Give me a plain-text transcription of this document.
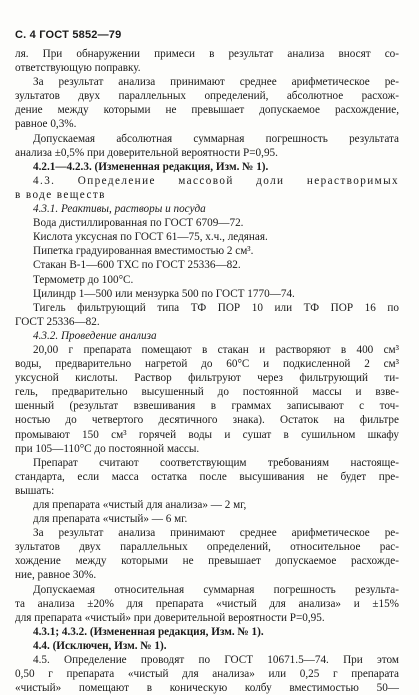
С. 4 ГОСТ 5852—79

ля. При обнаружении примеси в результат анализа вносят со-

ответствующую поправку.

За результат анализа принимают среднее арифметическое ре-

зультатов двух параллельных определений, абсолютное расхож-

дение между которыми не превышает допускаемое расхождение,

равное 0,3%.

Допускаемая абсолютная суммарная погрешность результата

анализа ±0,5% при доверительной вероятности P=0,95.

4.2.1—4.2.3. (Измененная редакция, Изм. № 1).

4.3. Определение массовой доли нерастворимых

в воде веществ

4.3.1. Реактивы, растворы и посуда

Вода дистиллированная по ГОСТ 6709—72.

Кислота уксусная по ГОСТ 61—75, х.ч., ледяная.

Пипетка градуированная вместимостью 2 см³.

Стакан В-1—600 ТХС по ГОСТ 25336—82.

Термометр до 100°С.

Цилиндр 1—500 или мензурка 500 по ГОСТ 1770—74.

Тигель фильтрующий типа ТФ ПОР 10 или ТФ ПОР 16 по

ГОСТ 25336—82.

4.3.2. Проведение анализа

20,00 г препарата помещают в стакан и растворяют в 400 см³

воды, предварительно нагретой до 60°С и подкисленной 2 см³

уксусной кислоты. Раствор фильтруют через фильтрующий ти-

гель, предварительно высушенный до постоянной массы и взве-

шенный (результат взвешивания в граммах записывают с точ-

ностью до четвертого десятичного знака). Остаток на фильтре

промывают 150 см³ горячей воды и сушат в сушильном шкафу

при 105—110°С до постоянной массы.

Препарат считают соответствующим требованиям настояще-

стандарта, если масса остатка после высушивания не будет пре-

вышать:

для препарата «чистый для анализа» — 2 мг,

для препарата «чистый» — 6 мг.

За результат анализа принимают среднее арифметическое ре-

зультатов двух параллельных определений, относительное рас-

хождение между которыми не превышает допускаемое расхожде-

ние, равное 30%.

Допускаемая относительная суммарная погрешность результа-

та анализа ±20% для препарата «чистый для анализа» и ±15%

для препарата «чистый» при доверительной вероятности P=0,95.

4.3.1; 4.3.2. (Измененная редакция, Изм. № 1).

4.4. (Исключен, Изм. № 1).

4.5. Определение проводят по ГОСТ 10671.5—74. При этом

0,50 г препарата «чистый для анализа» или 0,25 г препарата

«чистый» помещают в коническую колбу вместимостью 50—
